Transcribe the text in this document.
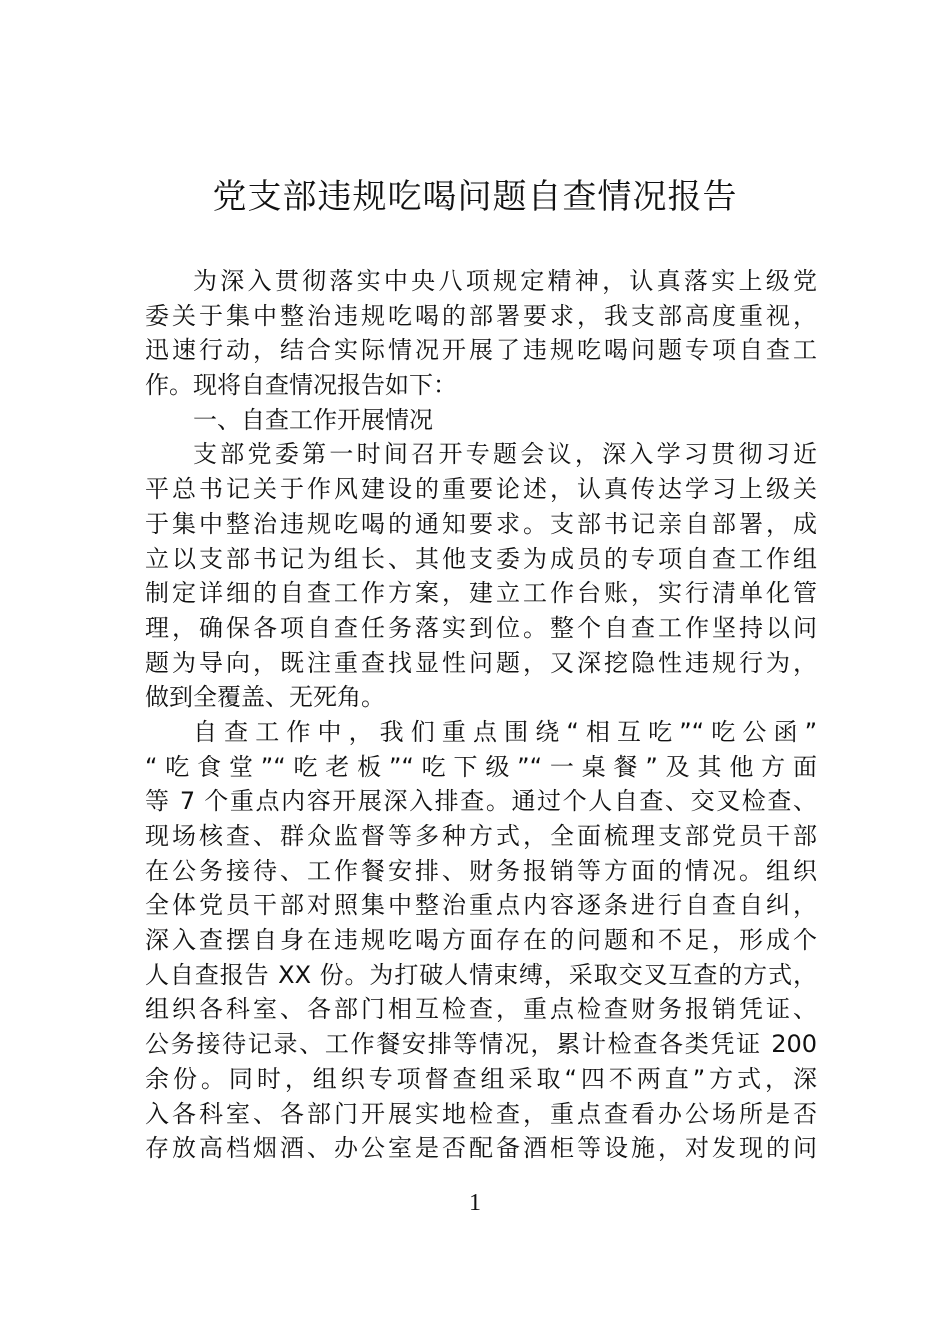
党支部违规吃喝问题自查情况报告
为深入贯彻落实中央八项规定精神，认真落实上级党
委关于集中整治违规吃喝的部署要求，我支部高度重视，
迅速行动，结合实际情况开展了违规吃喝问题专项自查工
作。现将自查情况报告如下：
一、自查工作开展情况
支部党委第一时间召开专题会议，深入学习贯彻习近
平总书记关于作风建设的重要论述，认真传达学习上级关
于集中整治违规吃喝的通知要求。支部书记亲自部署，成
立以支部书记为组长、其他支委为成员的专项自查工作组
制定详细的自查工作方案，建立工作台账，实行清单化管
理，确保各项自查任务落实到位。整个自查工作坚持以问
题为导向，既注重查找显性问题，又深挖隐性违规行为，
做到全覆盖、无死角。
自查工作中，我们重点围绕“相互吃”“吃公函”
“吃食堂”“吃老板”“吃下级”“一桌餐”及其他方面
等 7 个重点内容开展深入排查。通过个人自查、交叉检查、
现场核查、群众监督等多种方式，全面梳理支部党员干部
在公务接待、工作餐安排、财务报销等方面的情况。组织
全体党员干部对照集中整治重点内容逐条进行自查自纠，
深入查摆自身在违规吃喝方面存在的问题和不足，形成个
人自查报告 XX 份。为打破人情束缚，采取交叉互查的方式，
组织各科室、各部门相互检查，重点检查财务报销凭证、
公务接待记录、工作餐安排等情况，累计检查各类凭证 200
余份。同时，组织专项督查组采取“四不两直”方式，深
入各科室、各部门开展实地检查，重点查看办公场所是否
存放高档烟酒、办公室是否配备酒柜等设施，对发现的问
1
